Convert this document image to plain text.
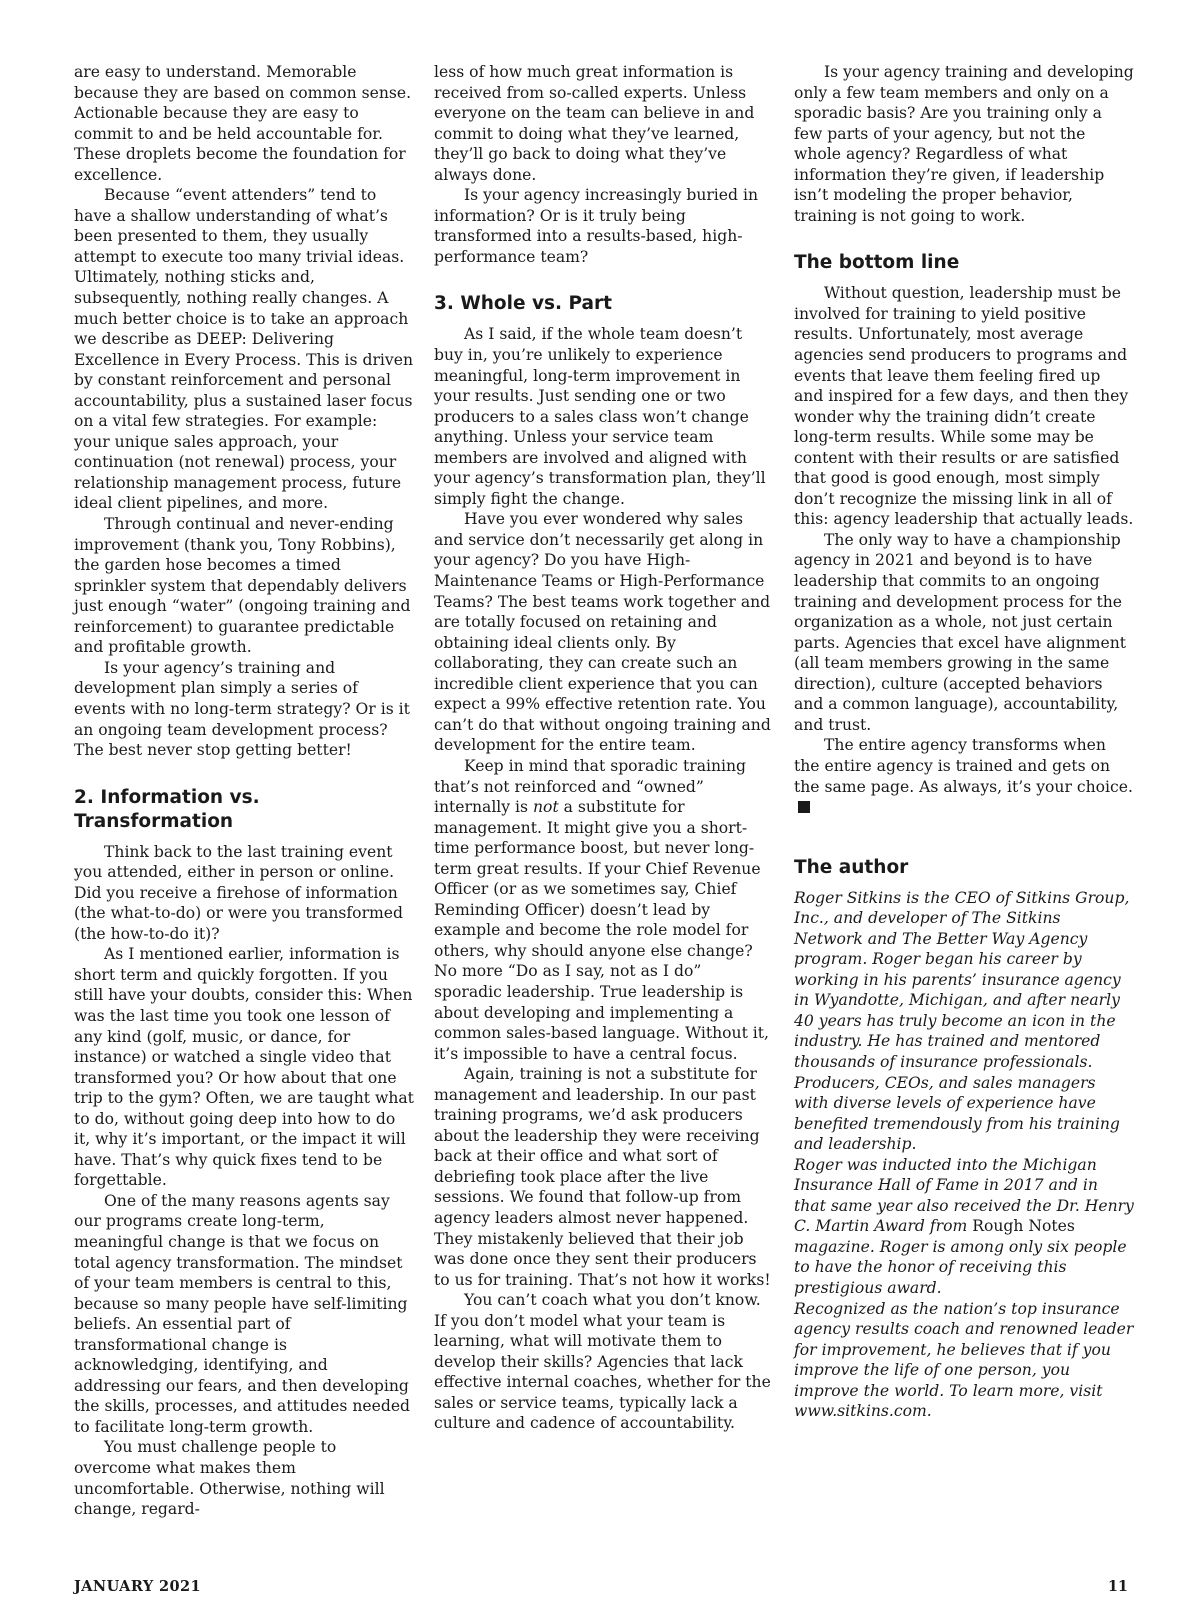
are easy to understand. Memorable because they are based on common sense. Actionable because they are easy to commit to and be held accountable for. These droplets become the foundation for excellence.

Because “event attenders” tend to have a shallow understanding of what’s been presented to them, they usually attempt to execute too many trivial ideas. Ultimately, nothing sticks and, subsequently, nothing really changes. A much better choice is to take an approach we describe as DEEP: Delivering Excellence in Every Process. This is driven by constant reinforcement and personal accountability, plus a sustained laser focus on a vital few strategies. For example: your unique sales approach, your continuation (not renewal) process, your relationship management process, future ideal client pipelines, and more.

Through continual and never-ending improvement (thank you, Tony Robbins), the garden hose becomes a timed sprinkler system that dependably delivers just enough “water” (ongoing training and reinforcement) to guarantee predictable and profitable growth.

Is your agency’s training and development plan simply a series of events with no long-term strategy? Or is it an ongoing team development process? The best never stop getting better!

2. Information vs. Transformation

Think back to the last training event you attended, either in person or online. Did you receive a firehose of information (the what-to-do) or were you transformed (the how-to-do it)?

As I mentioned earlier, information is short term and quickly forgotten. If you still have your doubts, consider this: When was the last time you took one lesson of any kind (golf, music, or dance, for instance) or watched a single video that transformed you? Or how about that one trip to the gym? Often, we are taught what to do, without going deep into how to do it, why it’s important, or the impact it will have. That’s why quick fixes tend to be forgettable.

One of the many reasons agents say our programs create long-term, meaningful change is that we focus on total agency transformation. The mindset of your team members is central to this, because so many people have self-limiting beliefs. An essential part of transformational change is acknowledging, identifying, and addressing our fears, and then developing the skills, processes, and attitudes needed to facilitate long-term growth.

You must challenge people to overcome what makes them uncomfortable. Otherwise, nothing will change, regard-

less of how much great information is received from so-called experts. Unless everyone on the team can believe in and commit to doing what they’ve learned, they’ll go back to doing what they’ve always done.

Is your agency increasingly buried in information? Or is it truly being transformed into a results-based, high-performance team?

3. Whole vs. Part

As I said, if the whole team doesn’t buy in, you’re unlikely to experience meaningful, long-term improvement in your results. Just sending one or two producers to a sales class won’t change anything. Unless your service team members are involved and aligned with your agency’s transformation plan, they’ll simply fight the change.

Have you ever wondered why sales and service don’t necessarily get along in your agency? Do you have High-Maintenance Teams or High-Performance Teams? The best teams work together and are totally focused on retaining and obtaining ideal clients only. By collaborating, they can create such an incredible client experience that you can expect a 99% effective retention rate. You can’t do that without ongoing training and development for the entire team.

Keep in mind that sporadic training that’s not reinforced and “owned” internally is not a substitute for management. It might give you a short-time performance boost, but never long-term great results. If your Chief Revenue Officer (or as we sometimes say, Chief Reminding Officer) doesn’t lead by example and become the role model for others, why should anyone else change? No more “Do as I say, not as I do” sporadic leadership. True leadership is about developing and implementing a common sales-based language. Without it, it’s impossible to have a central focus.

Again, training is not a substitute for management and leadership. In our past training programs, we’d ask producers about the leadership they were receiving back at their office and what sort of debriefing took place after the live sessions. We found that follow-up from agency leaders almost never happened. They mistakenly believed that their job was done once they sent their producers to us for training. That’s not how it works!

You can’t coach what you don’t know. If you don’t model what your team is learning, what will motivate them to develop their skills? Agencies that lack effective internal coaches, whether for the sales or service teams, typically lack a culture and cadence of accountability.

Is your agency training and developing only a few team members and only on a sporadic basis? Are you training only a few parts of your agency, but not the whole agency? Regardless of what information they’re given, if leadership isn’t modeling the proper behavior, training is not going to work.

The bottom line

Without question, leadership must be involved for training to yield positive results. Unfortunately, most average agencies send producers to programs and events that leave them feeling fired up and inspired for a few days, and then they wonder why the training didn’t create long-term results. While some may be content with their results or are satisfied that good is good enough, most simply don’t recognize the missing link in all of this: agency leadership that actually leads.

The only way to have a championship agency in 2021 and beyond is to have leadership that commits to an ongoing training and development process for the organization as a whole, not just certain parts. Agencies that excel have alignment (all team members growing in the same direction), culture (accepted behaviors and a common language), accountability, and trust.

The entire agency transforms when the entire agency is trained and gets on the same page. As always, it’s your choice.

The author

Roger Sitkins is the CEO of Sitkins Group, Inc., and developer of The Sitkins Network and The Better Way Agency program. Roger began his career by working in his parents’ insurance agency in Wyandotte, Michigan, and after nearly 40 years has truly become an icon in the industry. He has trained and mentored thousands of insurance professionals. Producers, CEOs, and sales managers with diverse levels of experience have benefited tremendously from his training and leadership.

Roger was inducted into the Michigan Insurance Hall of Fame in 2017 and in that same year also received the Dr. Henry C. Martin Award from Rough Notes magazine. Roger is among only six people to have the honor of receiving this prestigious award.

Recognized as the nation’s top insurance agency results coach and renowned leader for improvement, he believes that if you improve the life of one person, you improve the world. To learn more, visit www.sitkins.com.

JANUARY 2021	11
